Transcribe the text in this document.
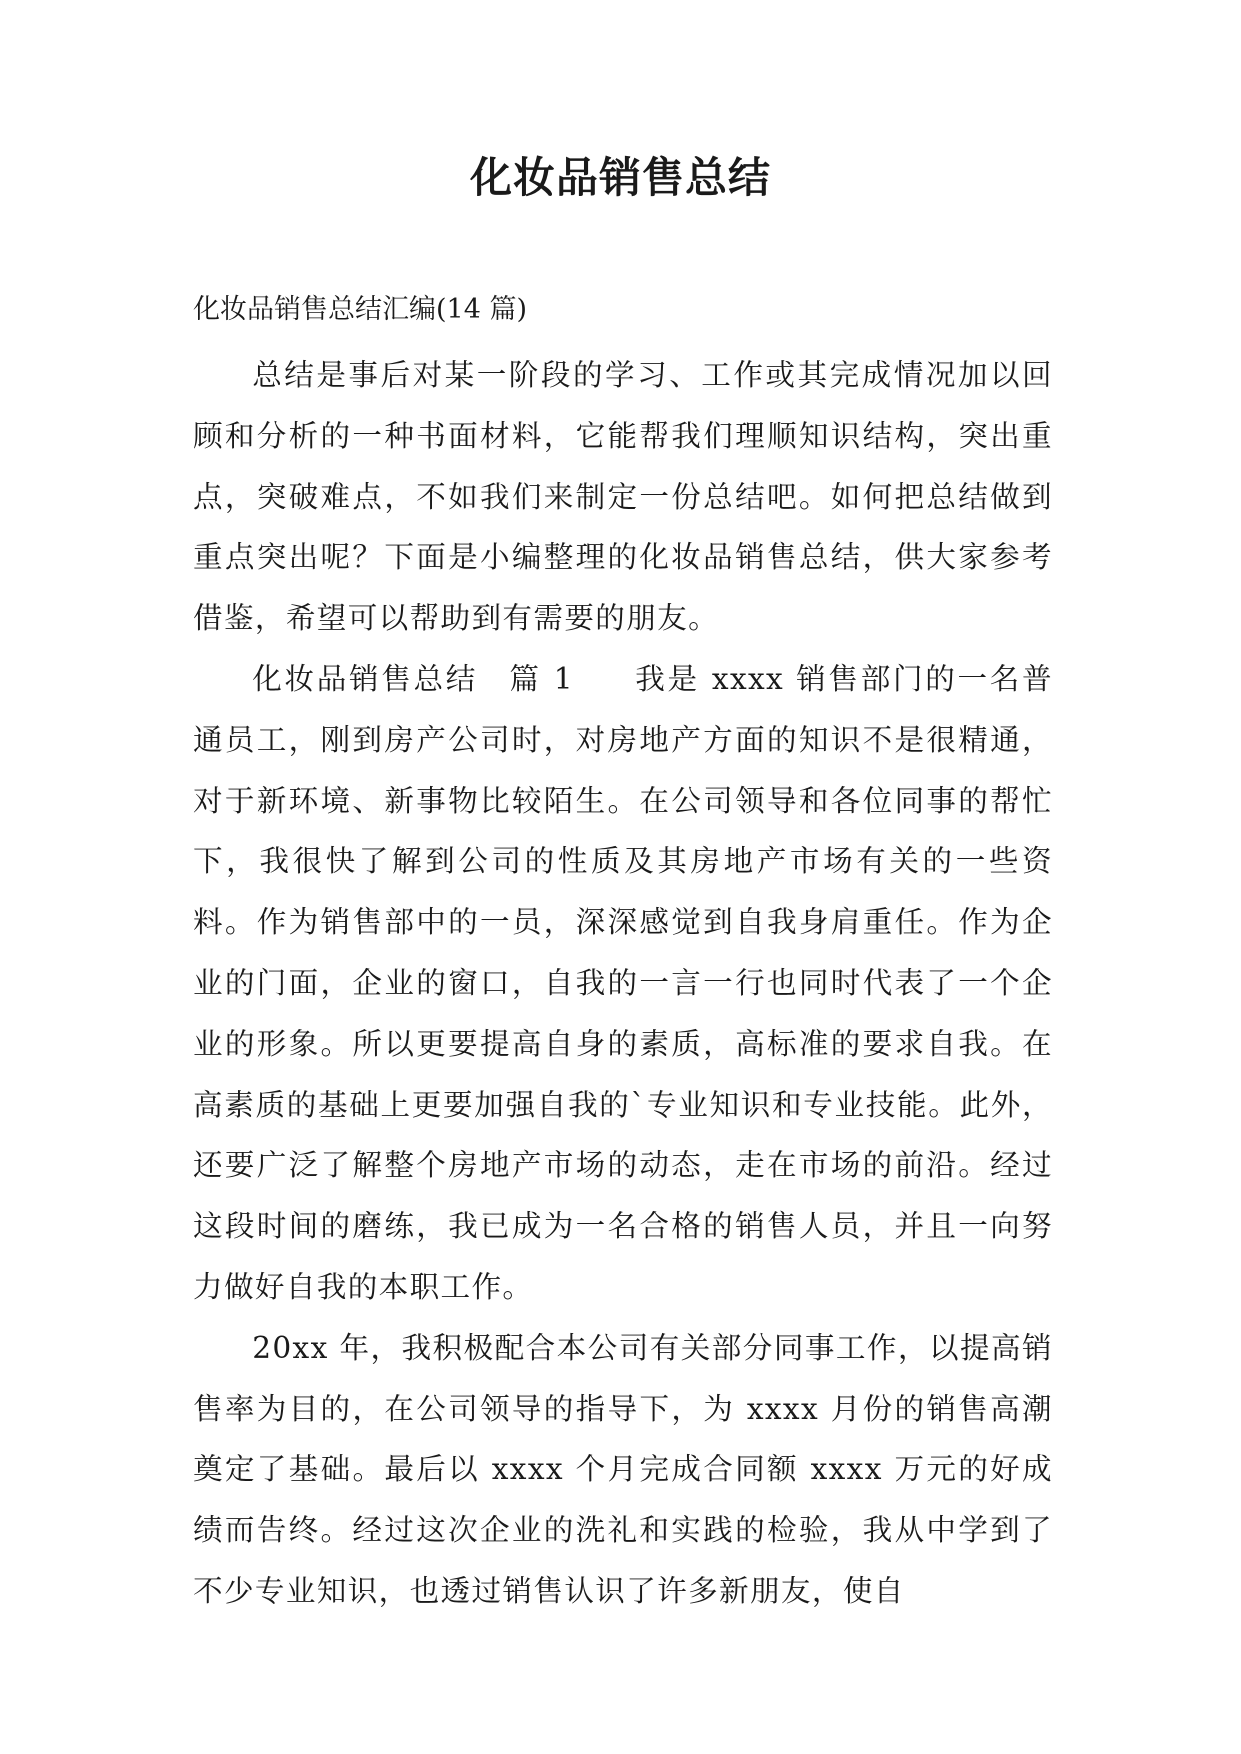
化妆品销售总结

化妆品销售总结汇编(14 篇)

总结是事后对某一阶段的学习、工作或其完成情况加以回顾和分析的一种书面材料，它能帮我们理顺知识结构，突出重点，突破难点，不如我们来制定一份总结吧。如何把总结做到重点突出呢？下面是小编整理的化妆品销售总结，供大家参考借鉴，希望可以帮助到有需要的朋友。

化妆品销售总结 篇 1 我是 xxxx 销售部门的一名普通员工，刚到房产公司时，对房地产方面的知识不是很精通，对于新环境、新事物比较陌生。在公司领导和各位同事的帮忙下，我很快了解到公司的性质及其房地产市场有关的一些资料。作为销售部中的一员，深深感觉到自我身肩重任。作为企业的门面，企业的窗口，自我的一言一行也同时代表了一个企业的形象。所以更要提高自身的素质，高标准的要求自我。在高素质的基础上更要加强自我的`专业知识和专业技能。此外，还要广泛了解整个房地产市场的动态，走在市场的前沿。经过这段时间的磨练，我已成为一名合格的销售人员，并且一向努力做好自我的本职工作。

20xx 年，我积极配合本公司有关部分同事工作，以提高销售率为目的，在公司领导的指导下，为 xxxx 月份的销售高潮奠定了基础。最后以 xxxx 个月完成合同额 xxxx 万元的好成绩而告终。经过这次企业的洗礼和实践的检验，我从中学到了不少专业知识，也透过销售认识了许多新朋友，使自
